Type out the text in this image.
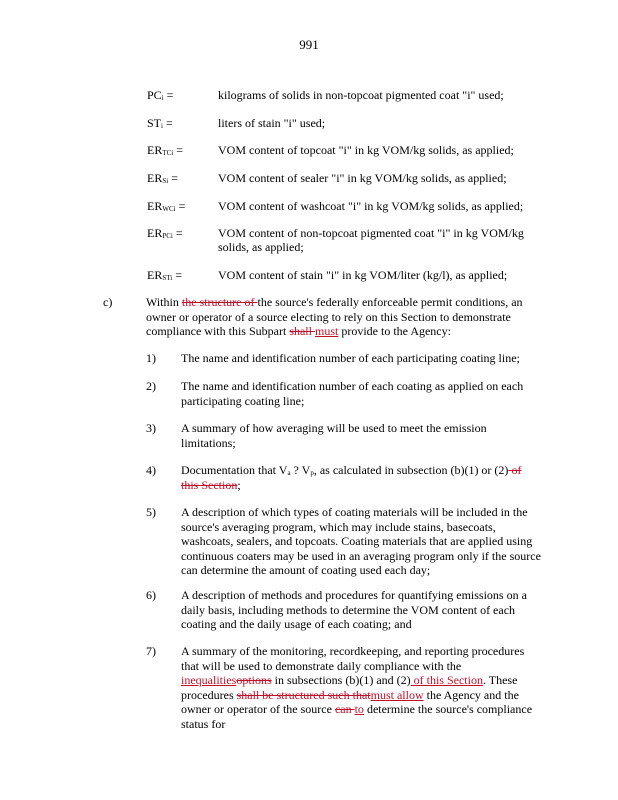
991
$PC_i$ =	kilograms of solids in non-topcoat pigmented coat "i" used;
$ST_i$ =	liters of stain "i" used;
$ER_{TCi}$ =	VOM content of topcoat "i" in kg VOM/kg solids, as applied;
$ER_{Si}$ =	VOM content of sealer "i" in kg VOM/kg solids, as applied;
$ER_{WCi}$ =	VOM content of washcoat "i" in kg VOM/kg solids, as applied;
$ER_{PCi}$ =	VOM content of non-topcoat pigmented coat "i" in kg VOM/kg
solids, as applied;
$ER_{STi}$ =	VOM content of stain "i" in kg VOM/liter (kg/l), as applied;
c)	Within the structure of the source's federally enforceable permit conditions, an owner or operator of a source electing to rely on this Section to demonstrate compliance with this Subpart shall must provide to the Agency:
1) The name and identification number of each participating coating line;
2) The name and identification number of each coating as applied on each participating coating line;
3) A summary of how averaging will be used to meet the emission limitations;
4) Documentation that $V_a$ ? $V_p$, as calculated in subsection (b)(1) or (2) of this Section;
5) A description of which types of coating materials will be included in the source's averaging program, which may include stains, basecoats, washcoats, sealers, and topcoats. Coating materials that are applied using continuous coaters may be used in an averaging program only if the source can determine the amount of coating used each day;
6) A description of methods and procedures for quantifying emissions on a daily basis, including methods to determine the VOM content of each coating and the daily usage of each coating; and
7) A summary of the monitoring, recordkeeping, and reporting procedures that will be used to demonstrate daily compliance with the inequalitiesoptions in subsections (b)(1) and (2) of this Section. These procedures shall be structured such thatmust allow the Agency and the owner or operator of the source can to determine the source's compliance status for
